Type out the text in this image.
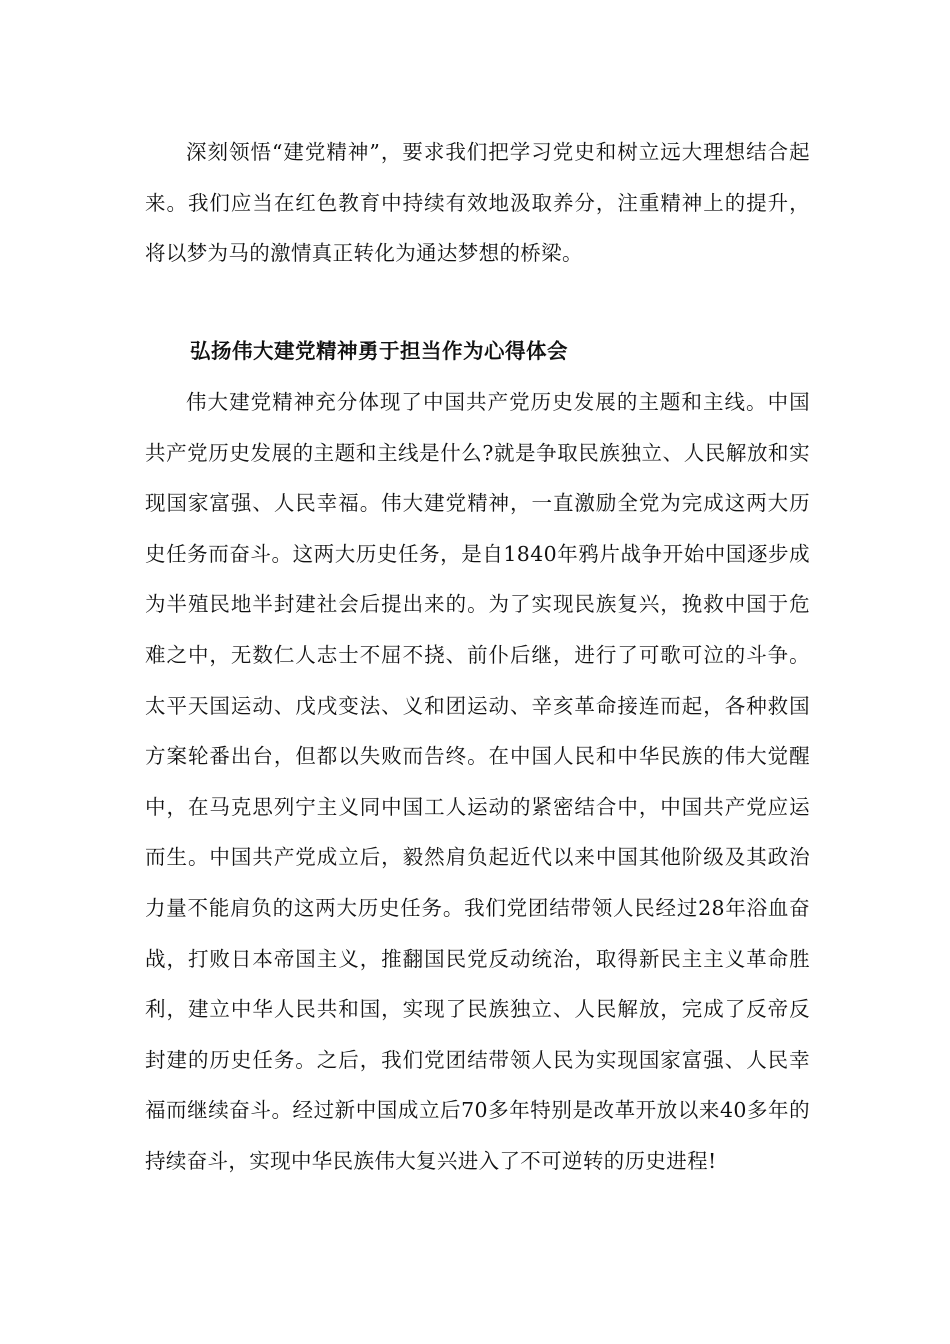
深刻领悟“建党精神”，要求我们把学习党史和树立远大理想结合起来。我们应当在红色教育中持续有效地汲取养分，注重精神上的提升，将以梦为马的激情真正转化为通达梦想的桥梁。

弘扬伟大建党精神勇于担当作为心得体会

伟大建党精神充分体现了中国共产党历史发展的主题和主线。中国共产党历史发展的主题和主线是什么?就是争取民族独立、人民解放和实现国家富强、人民幸福。伟大建党精神，一直激励全党为完成这两大历史任务而奋斗。这两大历史任务，是自1840年鸦片战争开始中国逐步成为半殖民地半封建社会后提出来的。为了实现民族复兴，挽救中国于危难之中，无数仁人志士不屈不挠、前仆后继，进行了可歌可泣的斗争。太平天国运动、戊戌变法、义和团运动、辛亥革命接连而起，各种救国方案轮番出台，但都以失败而告终。在中国人民和中华民族的伟大觉醒中，在马克思列宁主义同中国工人运动的紧密结合中，中国共产党应运而生。中国共产党成立后，毅然肩负起近代以来中国其他阶级及其政治力量不能肩负的这两大历史任务。我们党团结带领人民经过28年浴血奋战，打败日本帝国主义，推翻国民党反动统治，取得新民主主义革命胜利，建立中华人民共和国，实现了民族独立、人民解放，完成了反帝反封建的历史任务。之后，我们党团结带领人民为实现国家富强、人民幸福而继续奋斗。经过新中国成立后70多年特别是改革开放以来40多年的持续奋斗，实现中华民族伟大复兴进入了不可逆转的历史进程!
